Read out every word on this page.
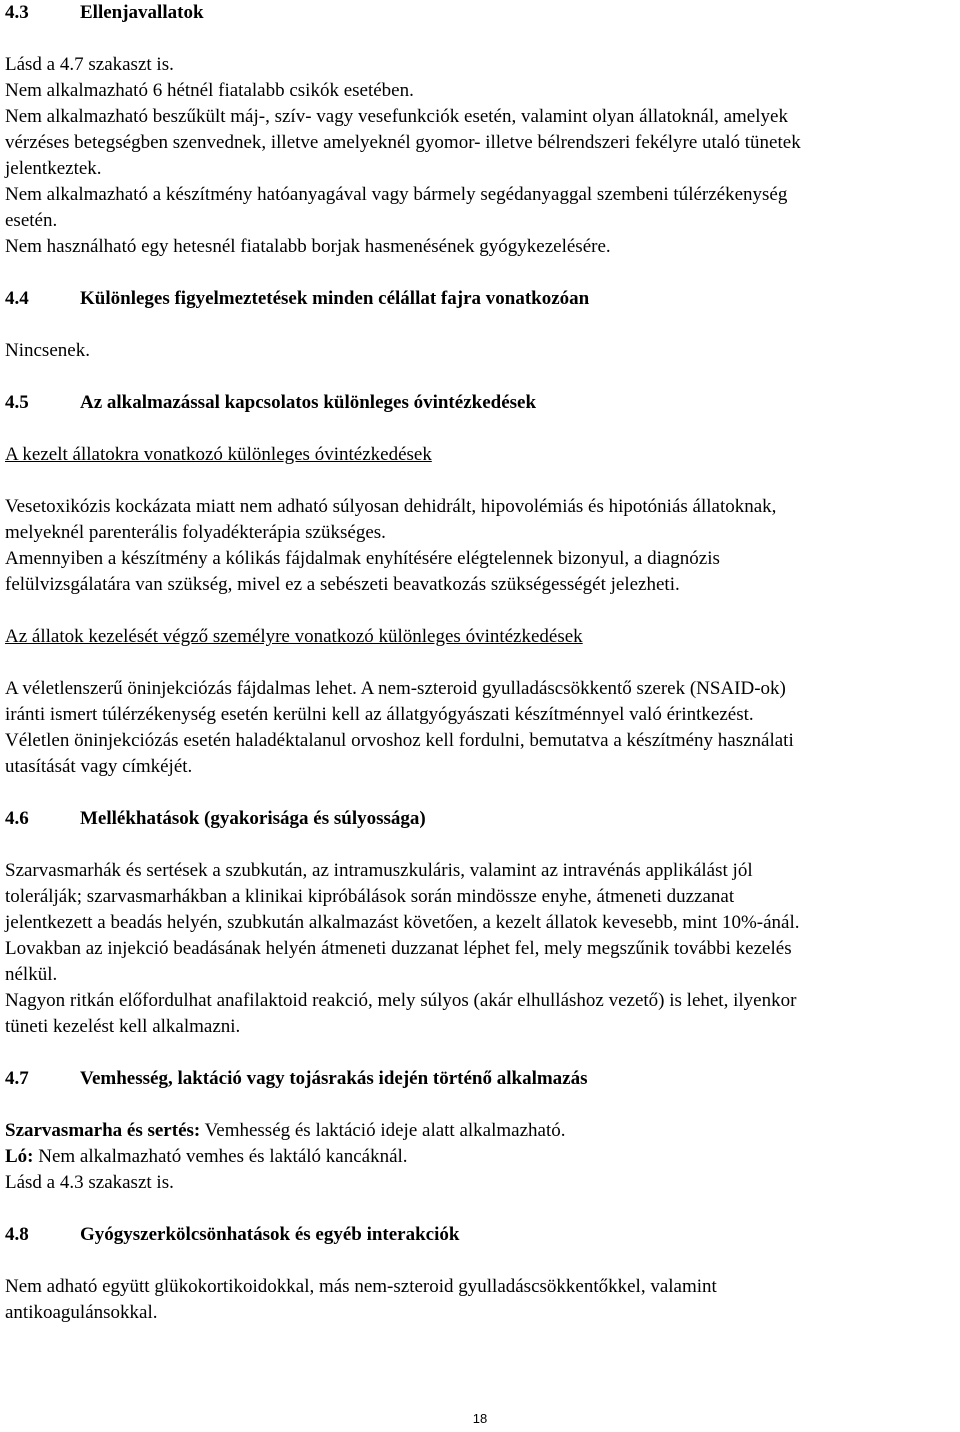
4.3	Ellenjavallatok
Lásd a 4.7 szakaszt is.
Nem alkalmazható 6 hétnél fiatalabb csikók esetében.
Nem alkalmazható beszűkült máj-, szív- vagy vesefunkciók esetén, valamint olyan állatoknál, amelyek
vérzéses betegségben szenvednek, illetve amelyeknél gyomor- illetve bélrendszeri fekélyre utaló tünetek
jelentkeztek.
Nem alkalmazható a készítmény hatóanyagával vagy bármely segédanyaggal szembeni túlérzékenység
esetén.
Nem használható egy hetesnél fiatalabb borjak hasmenésének gyógykezelésére.
4.4	Különleges figyelmeztetések minden célállat fajra vonatkozóan
Nincsenek.
4.5	Az alkalmazással kapcsolatos különleges óvintézkedések
A kezelt állatokra vonatkozó különleges óvintézkedések
Vesetoxikózis kockázata miatt nem adható súlyosan dehidrált, hipovolémiás és hipotóniás állatoknak,
melyeknél parenterális folyadékterápia szükséges.
Amennyiben a készítmény a kólikás fájdalmak enyhítésére elégtelennek bizonyul, a diagnózis
felülvizsgálatára van szükség, mivel ez a sebészeti beavatkozás szükségességét jelezheti.
Az állatok kezelését végző személyre vonatkozó különleges óvintézkedések
A véletlenszerű öninjekciózás fájdalmas lehet. A nem-szteroid gyulladáscsökkentő szerek (NSAID-ok)
iránti ismert túlérzékenység esetén kerülni kell az állatgyógyászati készítménnyel való érintkezést.
Véletlen öninjekciózás esetén haladéktalanul orvoshoz kell fordulni, bemutatva a készítmény használati
utasítását vagy címkéjét.
4.6	Mellékhatások (gyakorisága és súlyossága)
Szarvasmarhák és sertések a szubkután, az intramuszkuláris, valamint az intravénás applikálást jól
tolerálják; szarvasmarhákban a klinikai kipróbálások során mindössze enyhe, átmeneti duzzanat
jelentkezett a beadás helyén, szubkután alkalmazást követően, a kezelt állatok kevesebb, mint 10%-ánál.
Lovakban az injekció beadásának helyén átmeneti duzzanat léphet fel, mely megszűnik további kezelés
nélkül.
Nagyon ritkán előfordulhat anafilaktoid reakció, mely súlyos (akár elhulláshoz vezető) is lehet, ilyenkor
tüneti kezelést kell alkalmazni.
4.7	Vemhesség, laktáció vagy tojásrakás idején történő alkalmazás
Szarvasmarha és sertés: Vemhesség és laktáció ideje alatt alkalmazható.
Ló: Nem alkalmazható vemhes és laktáló kancáknál.
Lásd a 4.3 szakaszt is.
4.8	Gyógyszerkölcsönhatások és egyéb interakciók
Nem adható együtt glükokortikoidokkal, más nem-szteroid gyulladáscsökkentőkkel, valamint
antikoagulánsokkal.
18
